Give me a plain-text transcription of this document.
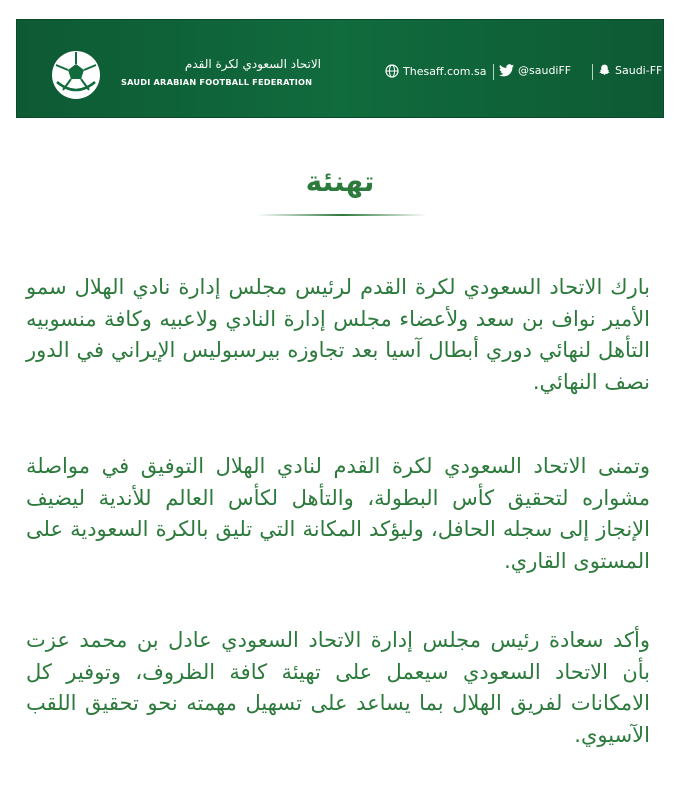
الاتحاد السعودي لكرة القدم
SAUDI ARABIAN FOOTBALL FEDERATION
Thesaff.com.sa	@saudiFF	Saudi-FF
تهنئة

بارك الاتحاد السعودي لكرة القدم لرئيس مجلس إدارة نادي الهلال سمو الأمير نواف بن سعد ولأعضاء مجلس إدارة النادي ولاعبيه وكافة منسوبيه التأهل لنهائي دوري أبطال آسيا بعد تجاوزه بيرسبوليس الإيراني في الدور نصف النهائي.

وتمنى الاتحاد السعودي لكرة القدم لنادي الهلال التوفيق في مواصلة مشواره لتحقيق كأس البطولة، والتأهل لكأس العالم للأندية ليضيف الإنجاز إلى سجله الحافل، وليؤكد المكانة التي تليق بالكرة السعودية على المستوى القاري.

وأكد سعادة رئيس مجلس إدارة الاتحاد السعودي عادل بن محمد عزت بأن الاتحاد السعودي سيعمل على تهيئة كافة الظروف، وتوفير كل الامكانات لفريق الهلال بما يساعد على تسهيل مهمته نحو تحقيق اللقب الآسيوي.
